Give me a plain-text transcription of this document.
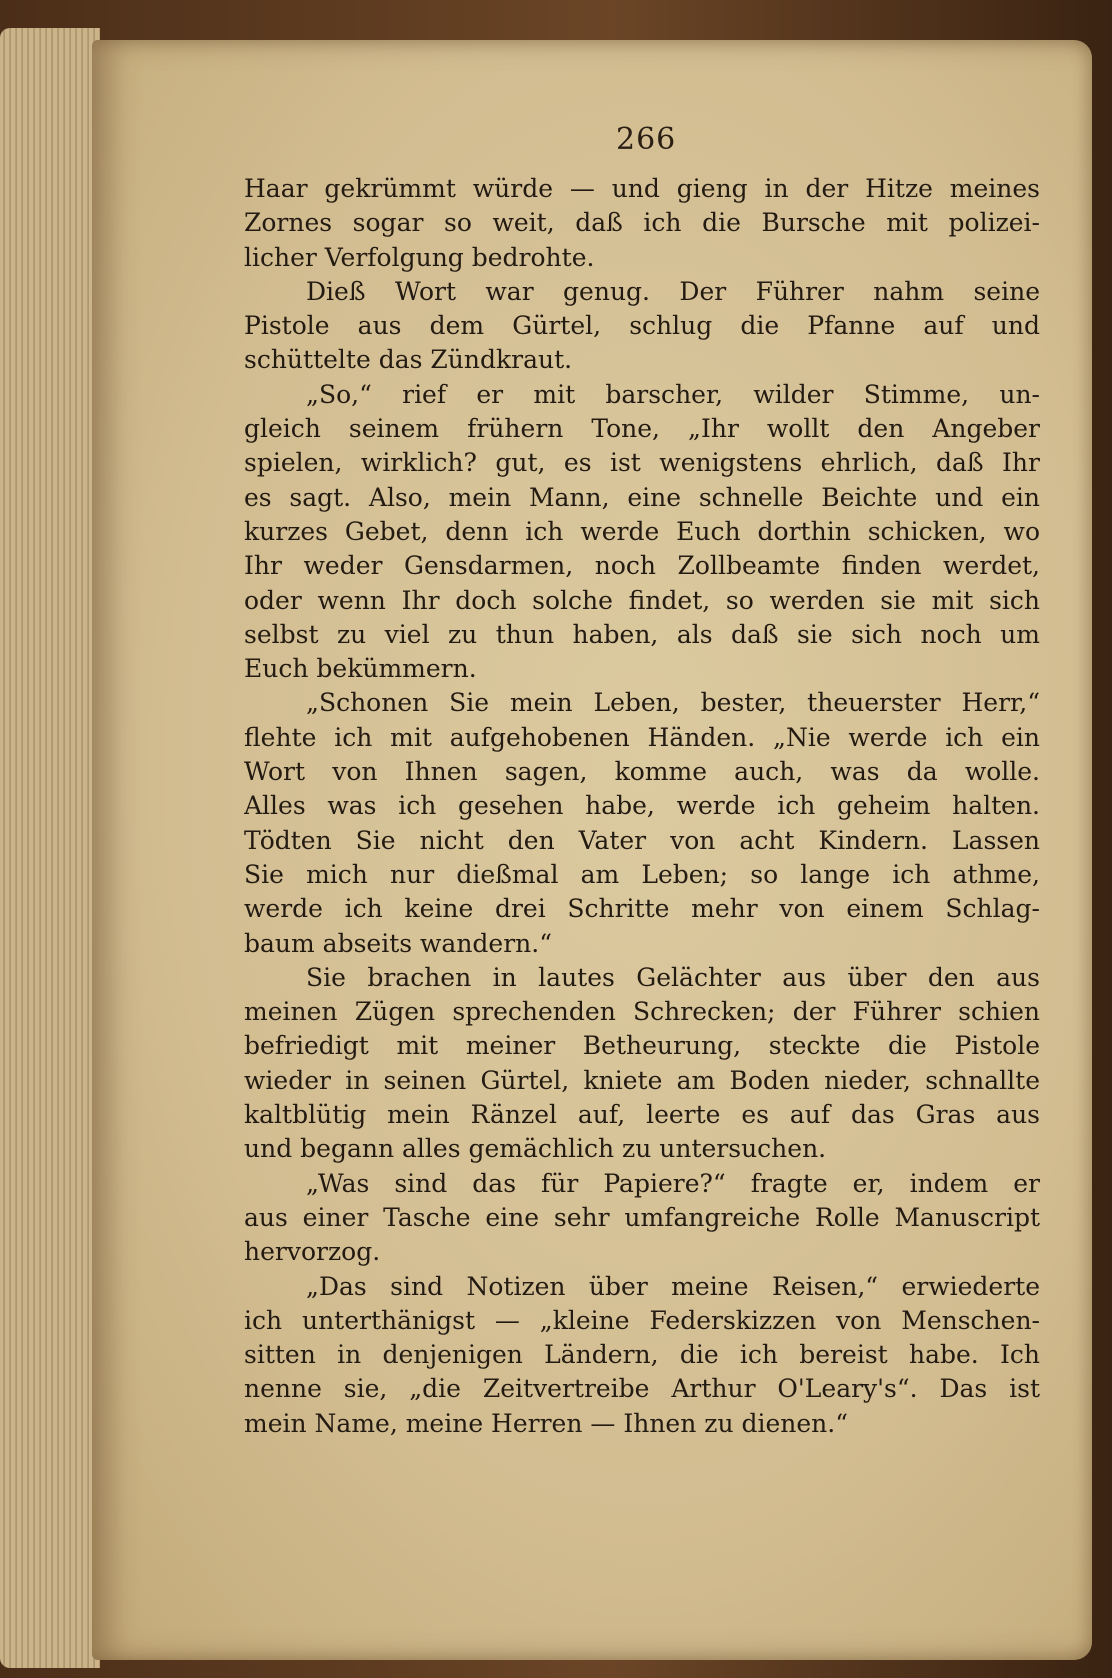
266
Haar gekrümmt würde — und gieng in der Hitze meines
Zornes sogar so weit, daß ich die Bursche mit polizei-
licher Verfolgung bedrohte.
Dieß Wort war genug. Der Führer nahm seine
Pistole aus dem Gürtel, schlug die Pfanne auf und
schüttelte das Zündkraut.
„So,“ rief er mit barscher, wilder Stimme, un-
gleich seinem frühern Tone, „Ihr wollt den Angeber
spielen, wirklich? gut, es ist wenigstens ehrlich, daß Ihr
es sagt. Also, mein Mann, eine schnelle Beichte und ein
kurzes Gebet, denn ich werde Euch dorthin schicken, wo
Ihr weder Gensdarmen, noch Zollbeamte finden werdet,
oder wenn Ihr doch solche findet, so werden sie mit sich
selbst zu viel zu thun haben, als daß sie sich noch um
Euch bekümmern.
„Schonen Sie mein Leben, bester, theuerster Herr,“
flehte ich mit aufgehobenen Händen. „Nie werde ich ein
Wort von Ihnen sagen, komme auch, was da wolle.
Alles was ich gesehen habe, werde ich geheim halten.
Tödten Sie nicht den Vater von acht Kindern. Lassen
Sie mich nur dießmal am Leben; so lange ich athme,
werde ich keine drei Schritte mehr von einem Schlag-
baum abseits wandern.“
Sie brachen in lautes Gelächter aus über den aus
meinen Zügen sprechenden Schrecken; der Führer schien
befriedigt mit meiner Betheurung, steckte die Pistole
wieder in seinen Gürtel, kniete am Boden nieder, schnallte
kaltblütig mein Ränzel auf, leerte es auf das Gras aus
und begann alles gemächlich zu untersuchen.
„Was sind das für Papiere?“ fragte er, indem er
aus einer Tasche eine sehr umfangreiche Rolle Manuscript
hervorzog.
„Das sind Notizen über meine Reisen,“ erwiederte
ich unterthänigst — „kleine Federskizzen von Menschen-
sitten in denjenigen Ländern, die ich bereist habe. Ich
nenne sie, „die Zeitvertreibe Arthur O'Leary's“. Das ist
mein Name, meine Herren — Ihnen zu dienen.“
